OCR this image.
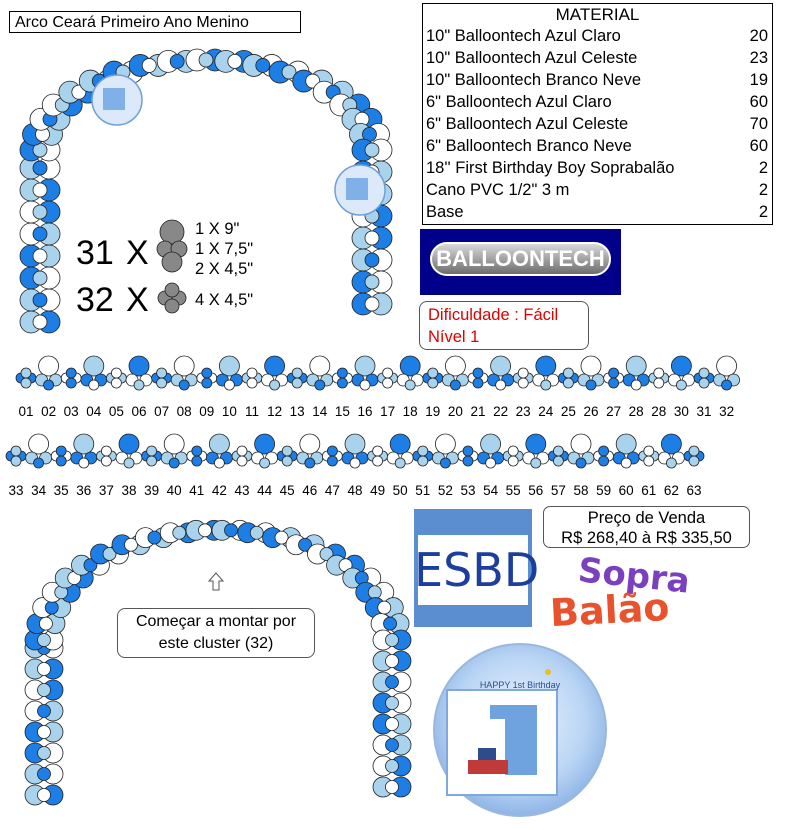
Arco Ceará Primeiro Ano Menino	MATERIAL
10" Balloontech Azul Claro	20
10" Balloontech Azul Celeste	23
10" Balloontech Branco Neve	19
6" Balloontech Azul Claro	60
6" Balloontech Azul Celeste	70
6" Balloontech Branco Neve	60
18'' First Birthday Boy Soprabalão	2
Cano PVC 1/2" 3 m	2
Base	2
BALLOONTECH
Dificuldade : Fácil
Nível 1
Preço de Venda
R$ 268,40 à R$ 335,50
ESBD Sopra
Balão
Começar a montar por
este cluster (32)
01 02 03 04 05 06 07 08 09 10 11 12 13 14 15 16 17 18 19 20 21 22 23 24 25 26 27 28 28 30 31 32
33 34 35 36 37 38 39 40 41 42 43 44 45 46 47 48 49 50 51 52 53 54 55 56 57 58 59 60 61 62 63
31 X
32 X
1 X 9"
1 X 7,5"
2 X 4,5"
4 X 4,5"
HAPPY 1st Birthday
